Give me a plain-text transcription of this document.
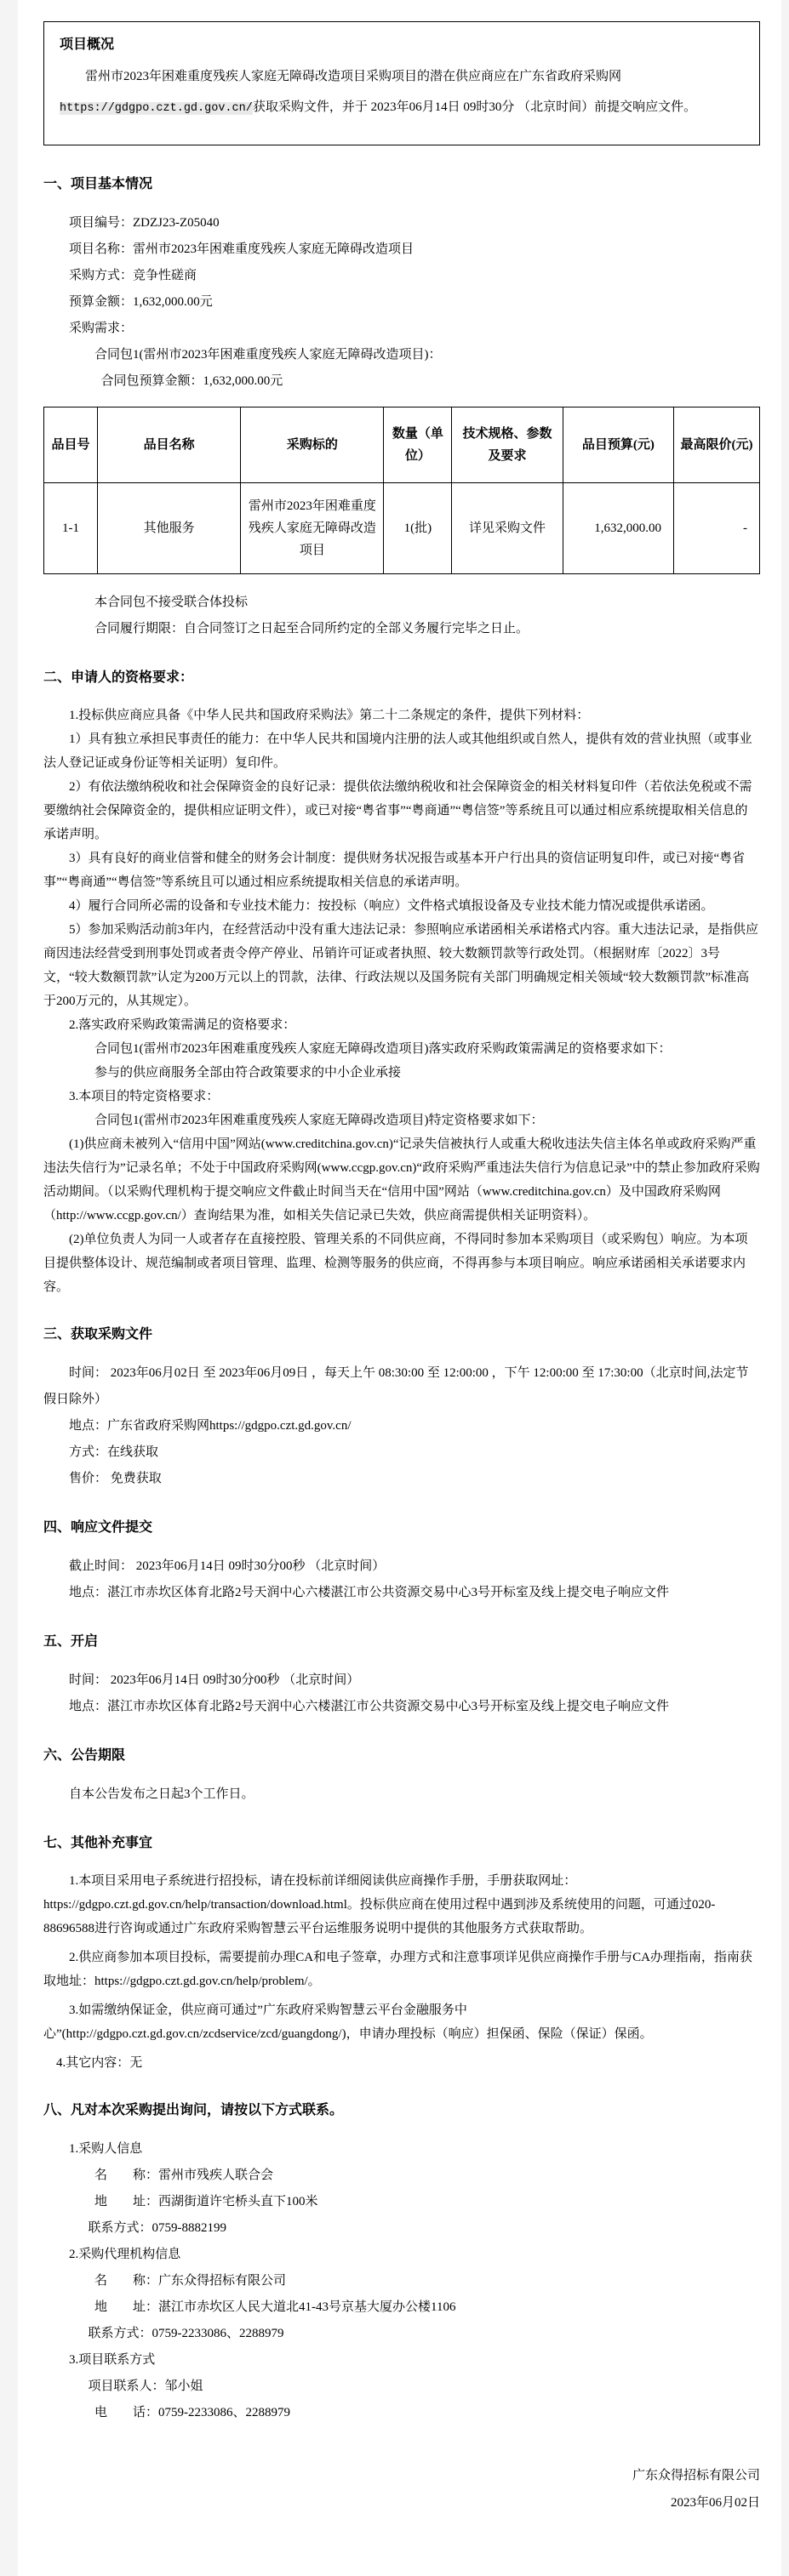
项目概况

雷州市2023年困难重度残疾人家庭无障碍改造项目采购项目的潜在供应商应在广东省政府采购网https://gdgpo.czt.gd.gov.cn/获取采购文件，并于 2023年06月14日 09时30分 （北京时间）前提交响应文件。

一、项目基本情况

项目编号：ZDZJ23-Z05040

项目名称：雷州市2023年困难重度残疾人家庭无障碍改造项目

采购方式：竞争性磋商

预算金额：1,632,000.00元

采购需求：

合同包1(雷州市2023年困难重度残疾人家庭无障碍改造项目)：

合同包预算金额：1,632,000.00元

品目号	品目名称	采购标的	数量（单位）	技术规格、参数及要求	品目预算(元)	最高限价(元)
1-1	其他服务	雷州市2023年困难重度残疾人家庭无障碍改造项目	1(批)	详见采购文件	1,632,000.00	-

本合同包不接受联合体投标

合同履行期限：自合同签订之日起至合同所约定的全部义务履行完毕之日止。

二、申请人的资格要求：

1.投标供应商应具备《中华人民共和国政府采购法》第二十二条规定的条件，提供下列材料：

1）具有独立承担民事责任的能力：在中华人民共和国境内注册的法人或其他组织或自然人，提供有效的营业执照（或事业法人登记证或身份证等相关证明）复印件。

2）有依法缴纳税收和社会保障资金的良好记录：提供依法缴纳税收和社会保障资金的相关材料复印件（若依法免税或不需要缴纳社会保障资金的，提供相应证明文件），或已对接“粤省事”“粤商通”“粤信签”等系统且可以通过相应系统提取相关信息的承诺声明。

3）具有良好的商业信誉和健全的财务会计制度：提供财务状况报告或基本开户行出具的资信证明复印件，或已对接“粤省事”“粤商通”“粤信签”等系统且可以通过相应系统提取相关信息的承诺声明。

4）履行合同所必需的设备和专业技术能力：按投标（响应）文件格式填报设备及专业技术能力情况或提供承诺函。

5）参加采购活动前3年内，在经营活动中没有重大违法记录：参照响应承诺函相关承诺格式内容。重大违法记录，是指供应商因违法经营受到刑事处罚或者责令停产停业、吊销许可证或者执照、较大数额罚款等行政处罚。（根据财库〔2022〕3号文，“较大数额罚款”认定为200万元以上的罚款，法律、行政法规以及国务院有关部门明确规定相关领域“较大数额罚款”标准高于200万元的，从其规定）。

2.落实政府采购政策需满足的资格要求：

合同包1(雷州市2023年困难重度残疾人家庭无障碍改造项目)落实政府采购政策需满足的资格要求如下：

参与的供应商服务全部由符合政策要求的中小企业承接

3.本项目的特定资格要求：

合同包1(雷州市2023年困难重度残疾人家庭无障碍改造项目)特定资格要求如下：

(1)供应商未被列入“信用中国”网站(www.creditchina.gov.cn)“记录失信被执行人或重大税收违法失信主体名单或政府采购严重违法失信行为”记录名单；不处于中国政府采购网(www.ccgp.gov.cn)“政府采购严重违法失信行为信息记录”中的禁止参加政府采购活动期间。（以采购代理机构于提交响应文件截止时间当天在“信用中国”网站（www.creditchina.gov.cn）及中国政府采购网（http://www.ccgp.gov.cn/）查询结果为准，如相关失信记录已失效，供应商需提供相关证明资料）。

(2)单位负责人为同一人或者存在直接控股、管理关系的不同供应商，不得同时参加本采购项目（或采购包）响应。为本项目提供整体设计、规范编制或者项目管理、监理、检测等服务的供应商，不得再参与本项目响应。响应承诺函相关承诺要求内容。

三、获取采购文件

时间： 2023年06月02日 至 2023年06月09日 ，每天上午 08:30:00 至 12:00:00 ，下午 12:00:00 至 17:30:00（北京时间,法定节假日除外）

地点：广东省政府采购网https://gdgpo.czt.gd.gov.cn/

方式：在线获取

售价： 免费获取

四、响应文件提交

截止时间： 2023年06月14日 09时30分00秒 （北京时间）

地点：湛江市赤坎区体育北路2号天润中心六楼湛江市公共资源交易中心3号开标室及线上提交电子响应文件

五、开启

时间： 2023年06月14日 09时30分00秒 （北京时间）

地点：湛江市赤坎区体育北路2号天润中心六楼湛江市公共资源交易中心3号开标室及线上提交电子响应文件

六、公告期限

自本公告发布之日起3个工作日。

七、其他补充事宜

1.本项目采用电子系统进行招投标，请在投标前详细阅读供应商操作手册，手册获取网址：https://gdgpo.czt.gd.gov.cn/help/transaction/download.html。投标供应商在使用过程中遇到涉及系统使用的问题，可通过020-88696588进行咨询或通过广东政府采购智慧云平台运维服务说明中提供的其他服务方式获取帮助。

2.供应商参加本项目投标，需要提前办理CA和电子签章，办理方式和注意事项详见供应商操作手册与CA办理指南，指南获取地址：https://gdgpo.czt.gd.gov.cn/help/problem/。

3.如需缴纳保证金，供应商可通过”广东政府采购智慧云平台金融服务中心”(http://gdgpo.czt.gd.gov.cn/zcdservice/zcd/guangdong/)，申请办理投标（响应）担保函、保险（保证）保函。

4.其它内容：无

八、凡对本次采购提出询问，请按以下方式联系。

1.采购人信息

名　　称：雷州市残疾人联合会

地　　址：西湖街道许宅桥头直下100米

联系方式：0759-8882199

2.采购代理机构信息

名　　称：广东众得招标有限公司

地　　址：湛江市赤坎区人民大道北41-43号京基大厦办公楼1106

联系方式：0759-2233086、2288979

3.项目联系方式

项目联系人：邹小姐

电　　话：0759-2233086、2288979

广东众得招标有限公司

2023年06月02日
